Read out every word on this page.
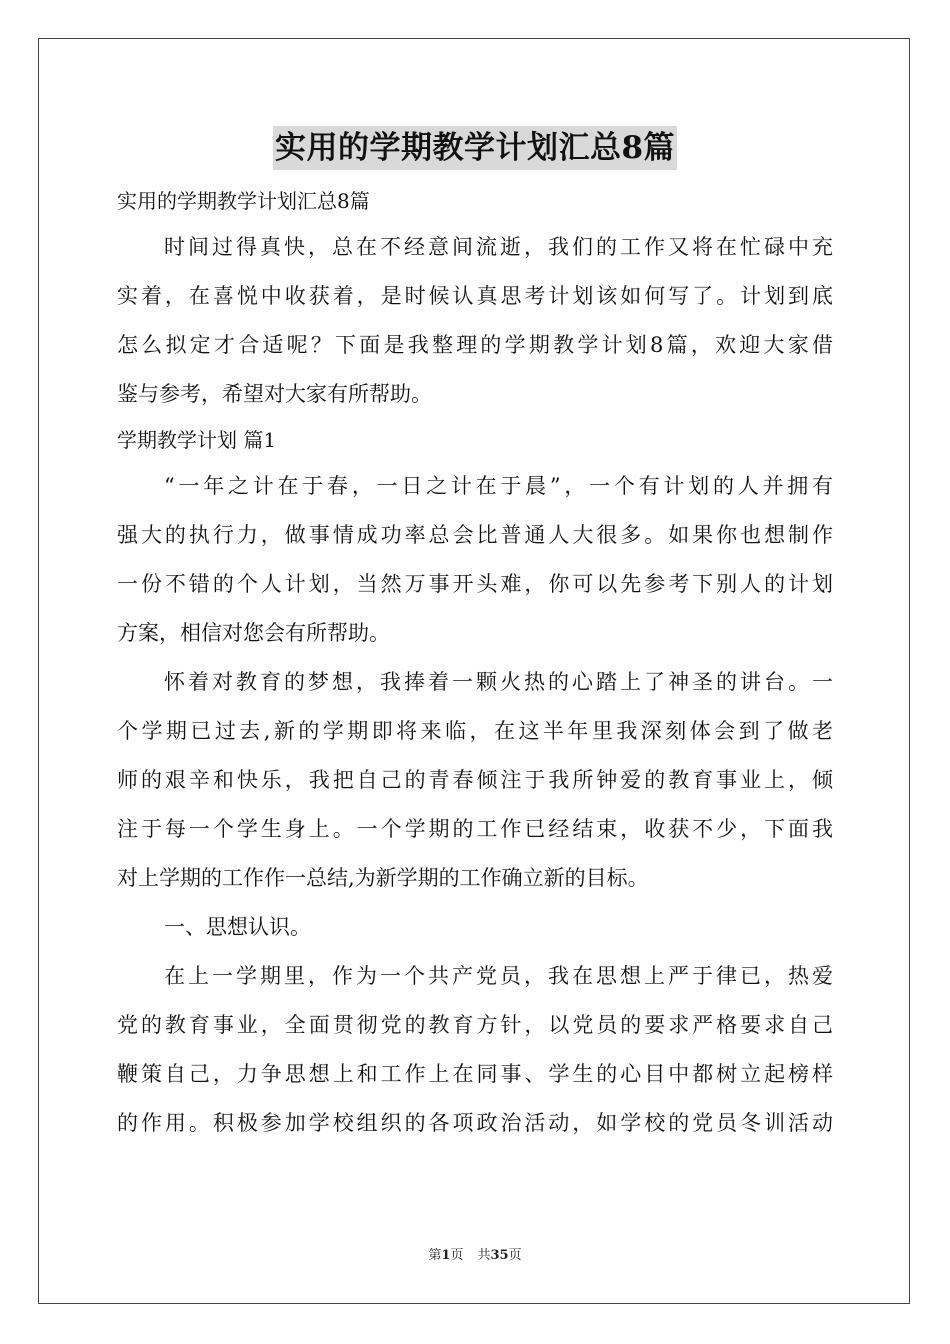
实用的学期教学计划汇总8篇
实用的学期教学计划汇总8篇

时间过得真快，总在不经意间流逝，我们的工作又将在忙碌中充

实着，在喜悦中收获着，是时候认真思考计划该如何写了。计划到底

怎么拟定才合适呢？下面是我整理的学期教学计划8篇，欢迎大家借

鉴与参考，希望对大家有所帮助。

学期教学计划 篇1

“一年之计在于春，一日之计在于晨”，一个有计划的人并拥有

强大的执行力，做事情成功率总会比普通人大很多。如果你也想制作

一份不错的个人计划，当然万事开头难，你可以先参考下别人的计划

方案，相信对您会有所帮助。

怀着对教育的梦想，我捧着一颗火热的心踏上了神圣的讲台。一

个学期已过去,新的学期即将来临，在这半年里我深刻体会到了做老

师的艰辛和快乐，我把自己的青春倾注于我所钟爱的教育事业上，倾

注于每一个学生身上。一个学期的工作已经结束，收获不少，下面我

对上学期的工作作一总结,为新学期的工作确立新的目标。

一、思想认识。

在上一学期里，作为一个共产党员，我在思想上严于律已，热爱

党的教育事业，全面贯彻党的教育方针，以党员的要求严格要求自己

鞭策自己，力争思想上和工作上在同事、学生的心目中都树立起榜样

的作用。积极参加学校组织的各项政治活动，如学校的党员冬训活动

第1页 共35页
